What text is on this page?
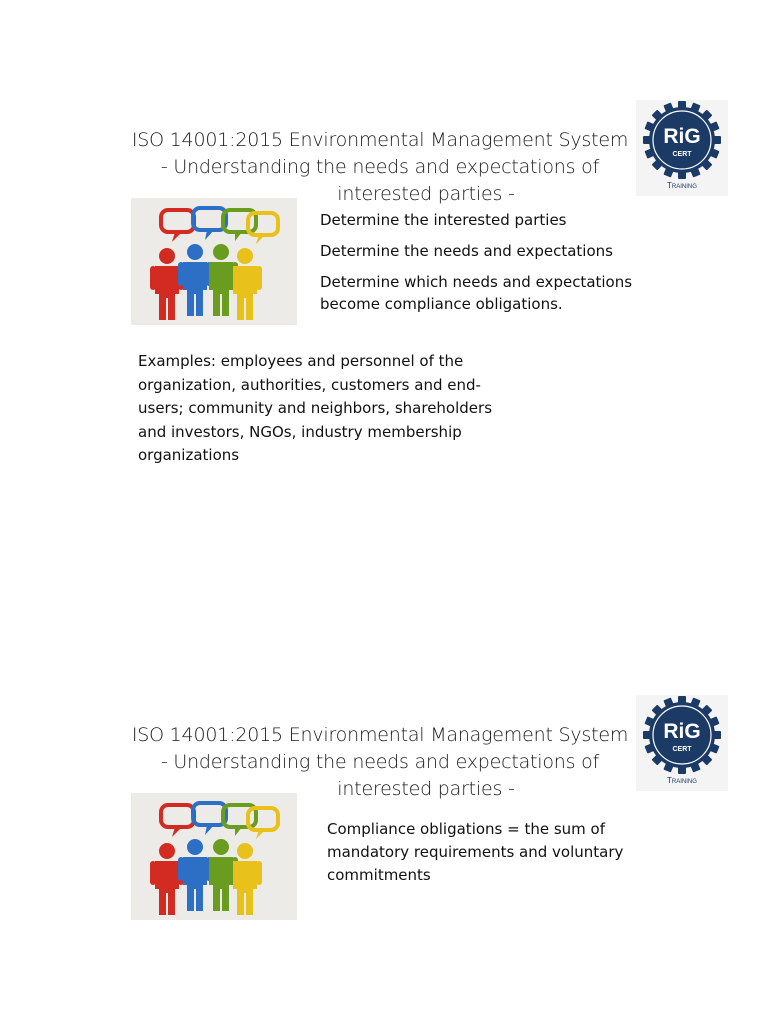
ISO 14001:2015 Environmental Management System
- Understanding the needs and expectations of
interested parties -
RiG
CERT
Training
Determine the interested parties
Determine the needs and expectations
Determine which needs and expectations become compliance obligations.
Examples: employees and personnel of the organization, authorities, customers and end-users; community and neighbors, shareholders and investors, NGOs, industry membership organizations
ISO 14001:2015 Environmental Management System
- Understanding the needs and expectations of
interested parties -
RiG
CERT
Training
Compliance obligations = the sum of mandatory requirements and voluntary commitments
